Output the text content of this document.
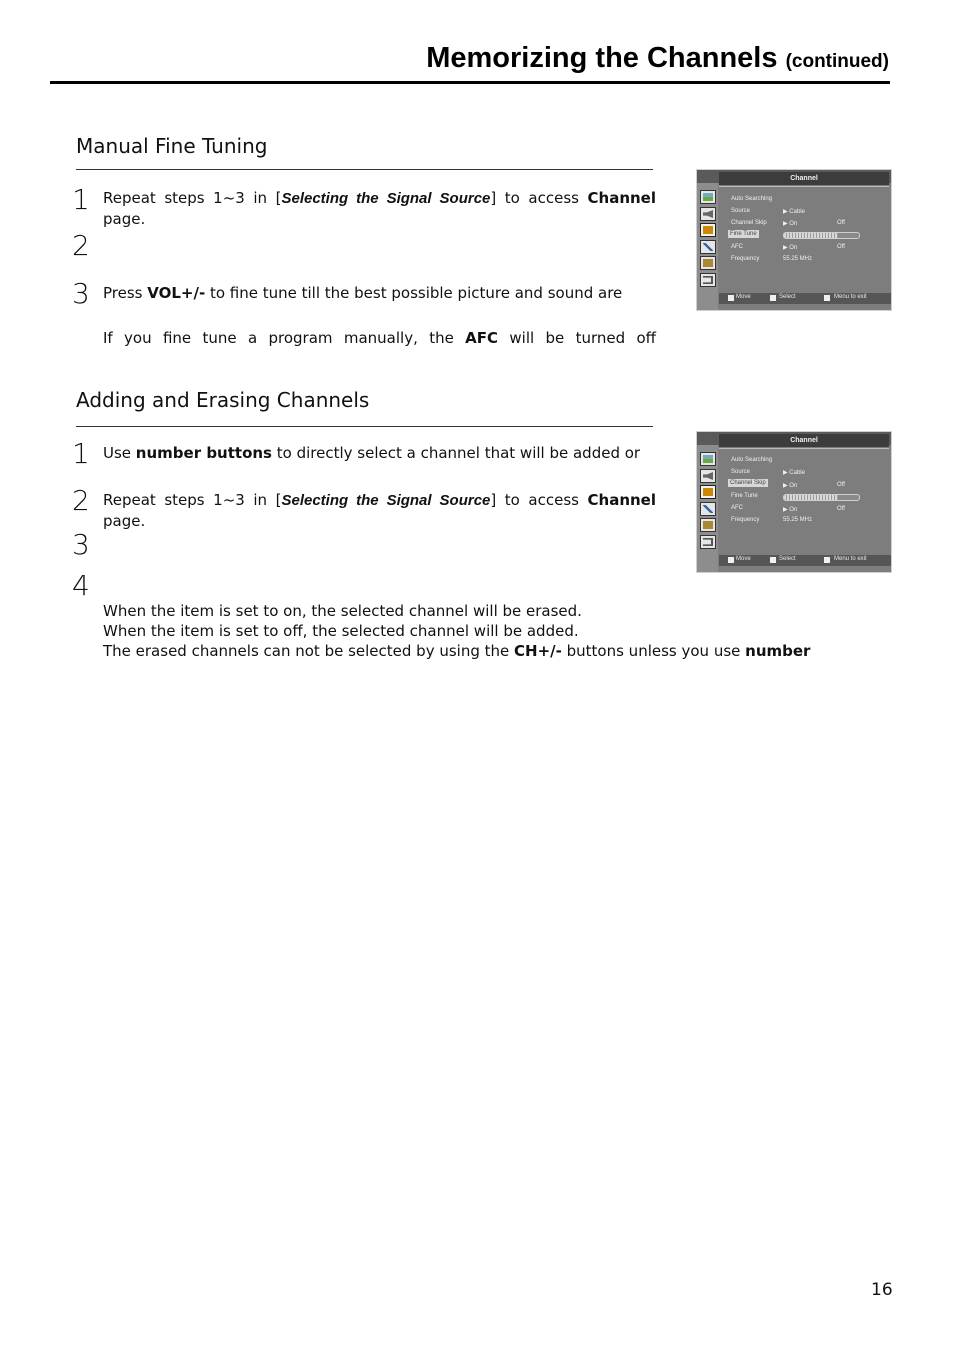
Memorizing the Channels (continued)
Manual Fine Tuning
1 Repeat steps 1~3 in [Selecting the Signal Source] to access Channel page.
2
3 Press VOL+/- to fine tune till the best possible picture and sound are
If you fine tune a program manually, the AFC will be turned off
Adding and Erasing Channels
1 Use number buttons to directly select a channel that will be added or
2 Repeat steps 1~3 in [Selecting the Signal Source] to access Channel page.
3
4
When the item is set to on, the selected channel will be erased.
When the item is set to off, the selected channel will be added.
The erased channels can not be selected by using the CH+/- buttons unless you use number
Channel
Auto Searching
Source	▶ Cable
Channel Skip	▶ On	Off
Fine Tune
AFC	▶ On	Off
Frequency	55.25 MHz
Move	Select	Menu to exit
Channel
Auto Searching
Source	▶ Cable
Channel Skip	▶ On	Off
Fine Tune
AFC	▶ On	Off
Frequency	55.25 MHz
Move	Select	Menu to exit
16
